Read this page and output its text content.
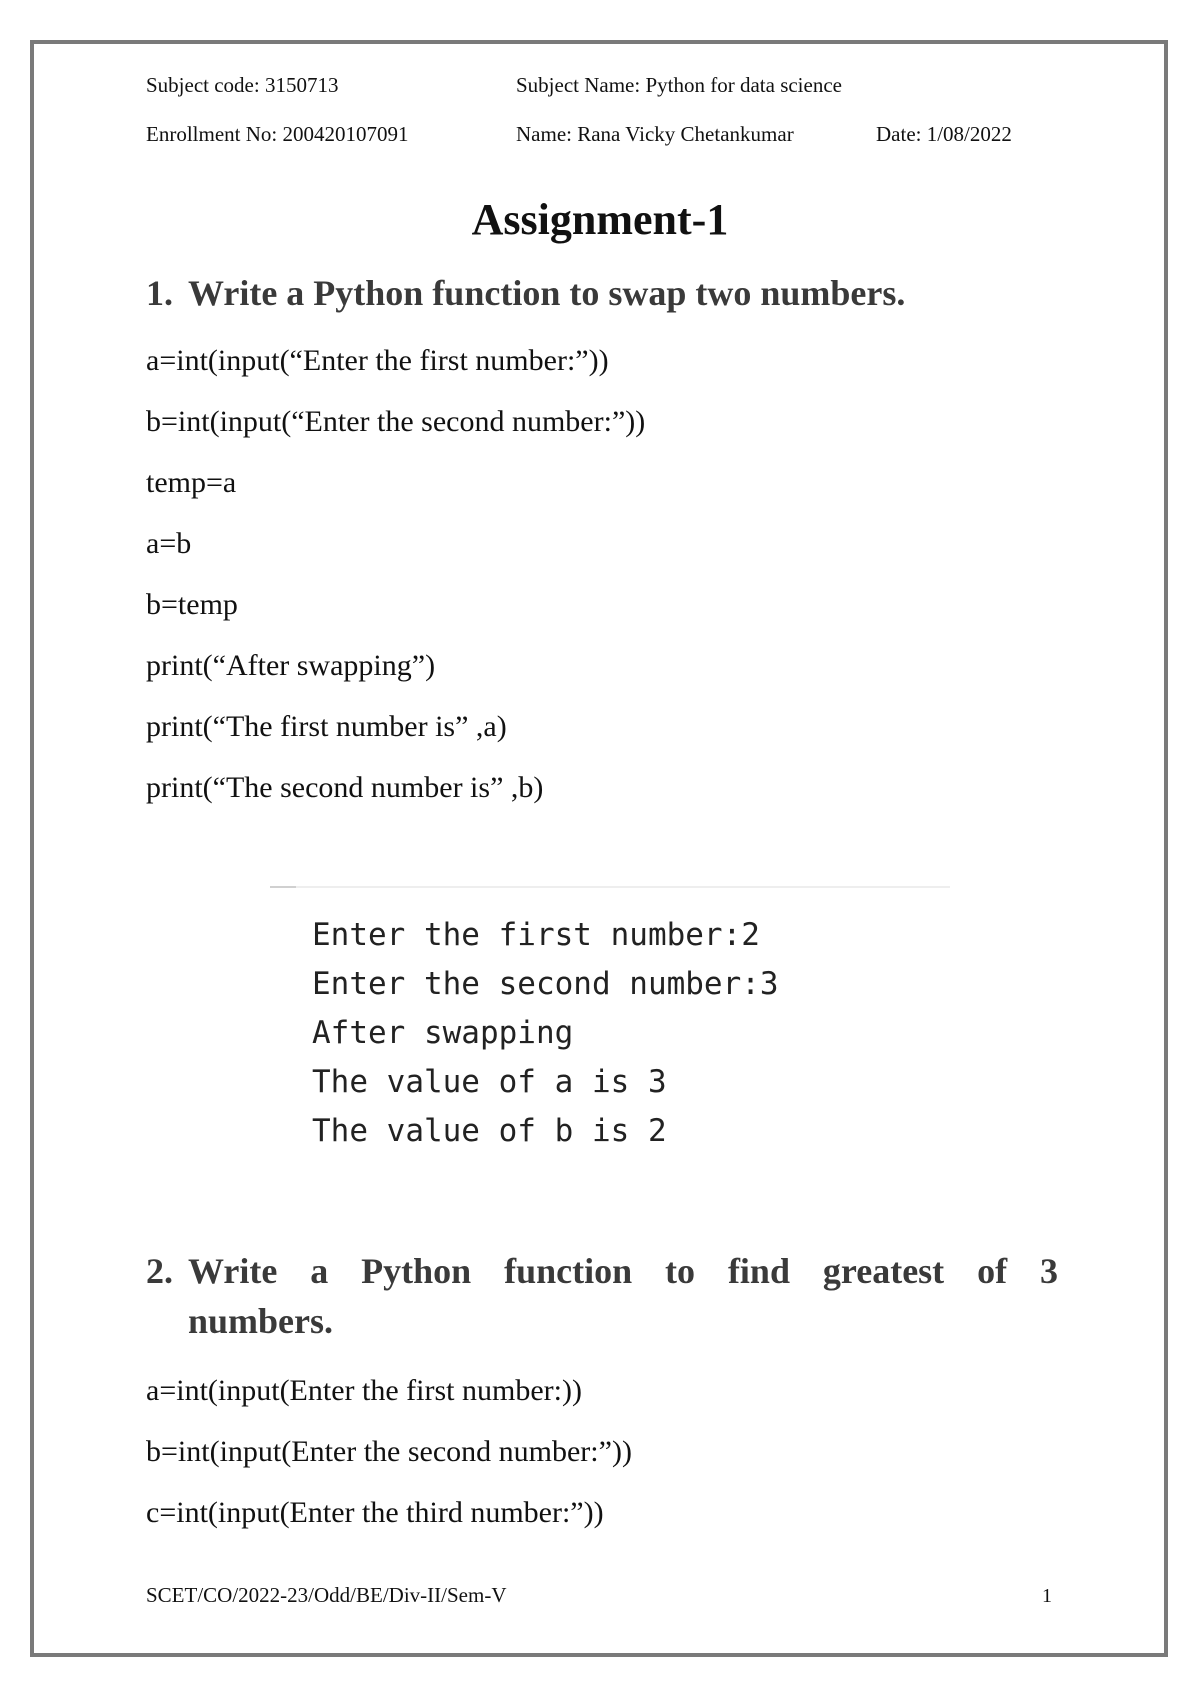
Subject code: 3150713	Subject Name: Python for data science
Enrollment No: 200420107091	Name: Rana Vicky Chetankumar	Date: 1/08/2022
Assignment-1
1. Write a Python function to swap two numbers.
a=int(input(“Enter the first number:”))
b=int(input(“Enter the second number:”))
temp=a
a=b
b=temp
print(“After swapping”)
print(“The first number is” ,a)
print(“The second number is” ,b)
Enter the first number:2
Enter the second number:3
After swapping
The value of a is 3
The value of b is 2
2. Write a Python function to find greatest of 3
numbers.
a=int(input(Enter the first number:))
b=int(input(Enter the second number:”))
c=int(input(Enter the third number:”))
SCET/CO/2022-23/Odd/BE/Div-II/Sem-V	1
